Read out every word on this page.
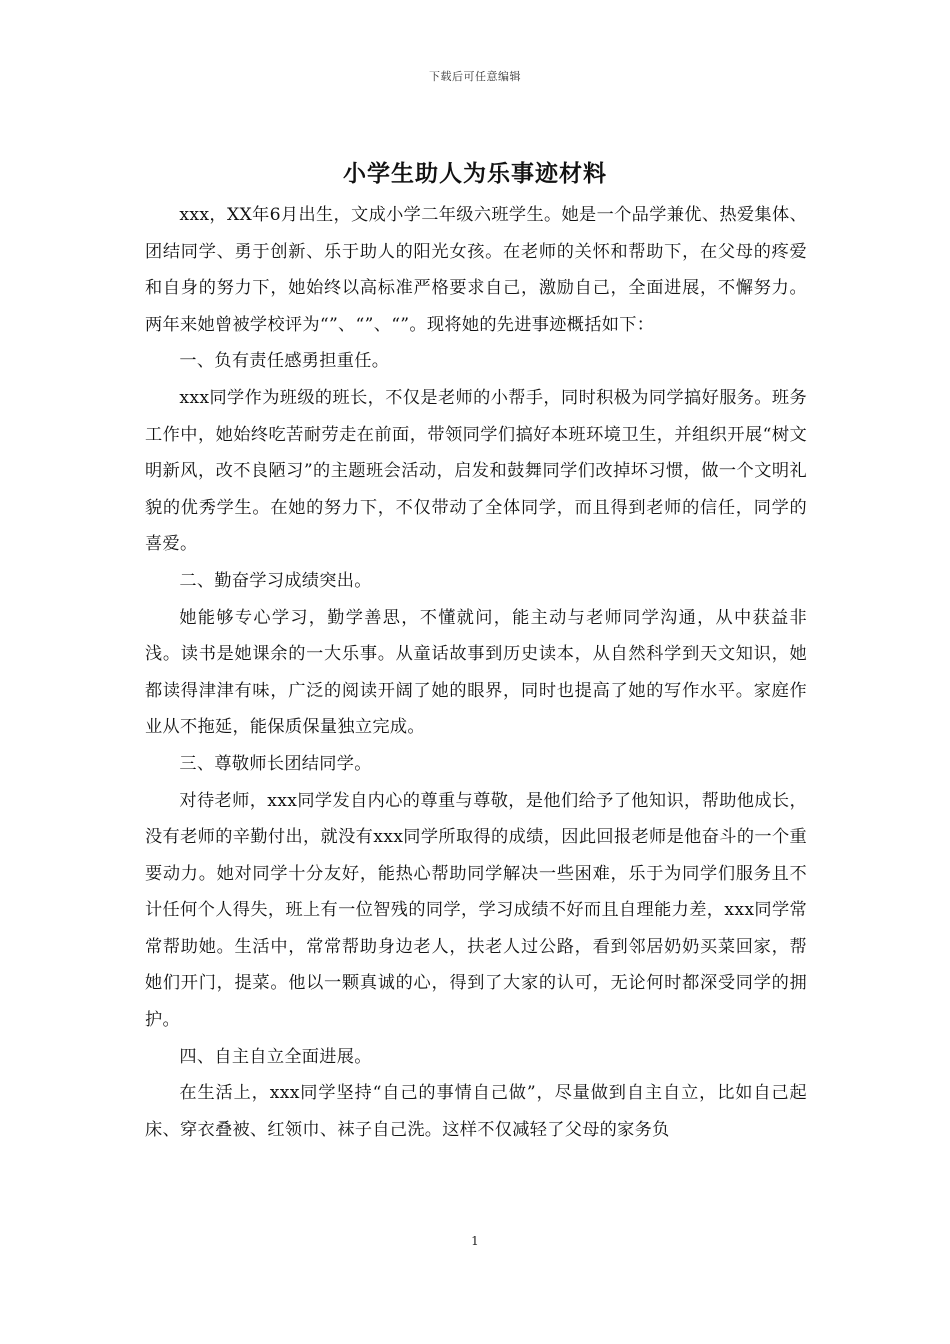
下载后可任意编辑
小学生助人为乐事迹材料

xxx，XX年6月出生，文成小学二年级六班学生。她是一个品学兼优、热爱集体、团结同学、勇于创新、乐于助人的阳光女孩。在老师的关怀和帮助下，在父母的疼爱和自身的努力下，她始终以高标准严格要求自己，激励自己，全面进展，不懈努力。两年来她曾被学校评为“”、“”、“”。现将她的先进事迹概括如下：

一、负有责任感勇担重任。

xxx同学作为班级的班长，不仅是老师的小帮手，同时积极为同学搞好服务。班务工作中，她始终吃苦耐劳走在前面，带领同学们搞好本班环境卫生，并组织开展“树文明新风，改不良陋习”的主题班会活动，启发和鼓舞同学们改掉坏习惯，做一个文明礼貌的优秀学生。在她的努力下，不仅带动了全体同学，而且得到老师的信任，同学的喜爱。

二、勤奋学习成绩突出。

她能够专心学习，勤学善思，不懂就问，能主动与老师同学沟通，从中获益非浅。读书是她课余的一大乐事。从童话故事到历史读本，从自然科学到天文知识，她都读得津津有味，广泛的阅读开阔了她的眼界，同时也提高了她的写作水平。家庭作业从不拖延，能保质保量独立完成。

三、尊敬师长团结同学。

对待老师，xxx同学发自内心的尊重与尊敬，是他们给予了他知识，帮助他成长，没有老师的辛勤付出，就没有xxx同学所取得的成绩，因此回报老师是他奋斗的一个重要动力。她对同学十分友好，能热心帮助同学解决一些困难，乐于为同学们服务且不计任何个人得失，班上有一位智残的同学，学习成绩不好而且自理能力差，xxx同学常常帮助她。生活中，常常帮助身边老人，扶老人过公路，看到邻居奶奶买菜回家，帮她们开门，提菜。他以一颗真诚的心，得到了大家的认可，无论何时都深受同学的拥护。

四、自主自立全面进展。

在生活上，xxx同学坚持“自己的事情自己做”，尽量做到自主自立，比如自己起床、穿衣叠被、红领巾、袜子自己洗。这样不仅减轻了父母的家务负

1
